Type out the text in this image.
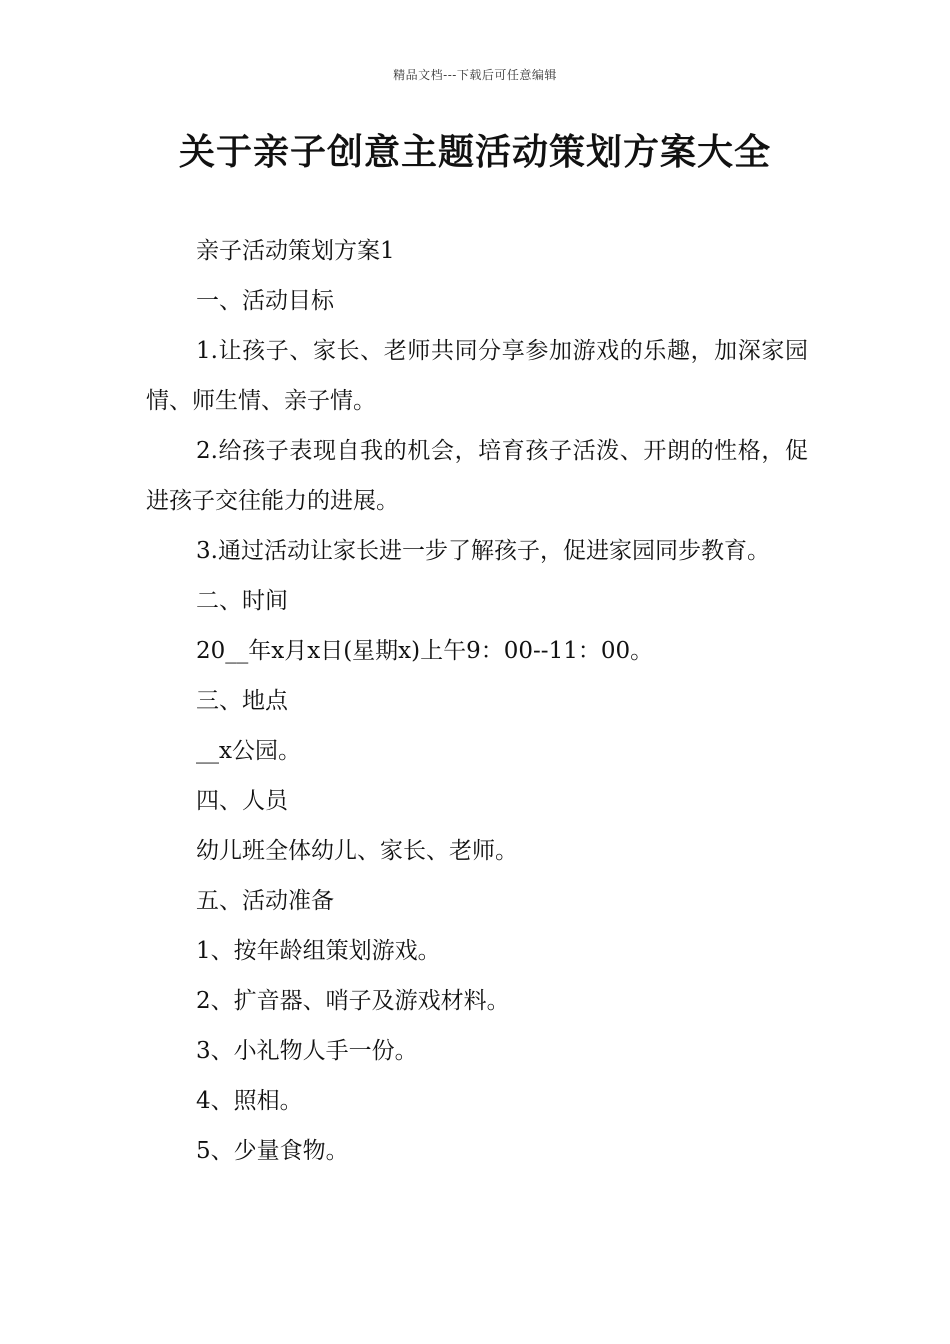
精品文档---下载后可任意编辑
关于亲子创意主题活动策划方案大全

亲子活动策划方案1

一、活动目标

1.让孩子、家长、老师共同分享参加游戏的乐趣，加深家园情、师生情、亲子情。

2.给孩子表现自我的机会，培育孩子活泼、开朗的性格，促进孩子交往能力的进展。

3.通过活动让家长进一步了解孩子，促进家园同步教育。

二、时间

20__年x月x日(星期x)上午9：00--11：00。

三、地点

__x公园。

四、人员

幼儿班全体幼儿、家长、老师。

五、活动准备

1、按年龄组策划游戏。

2、扩音器、哨子及游戏材料。

3、小礼物人手一份。

4、照相。

5、少量食物。
